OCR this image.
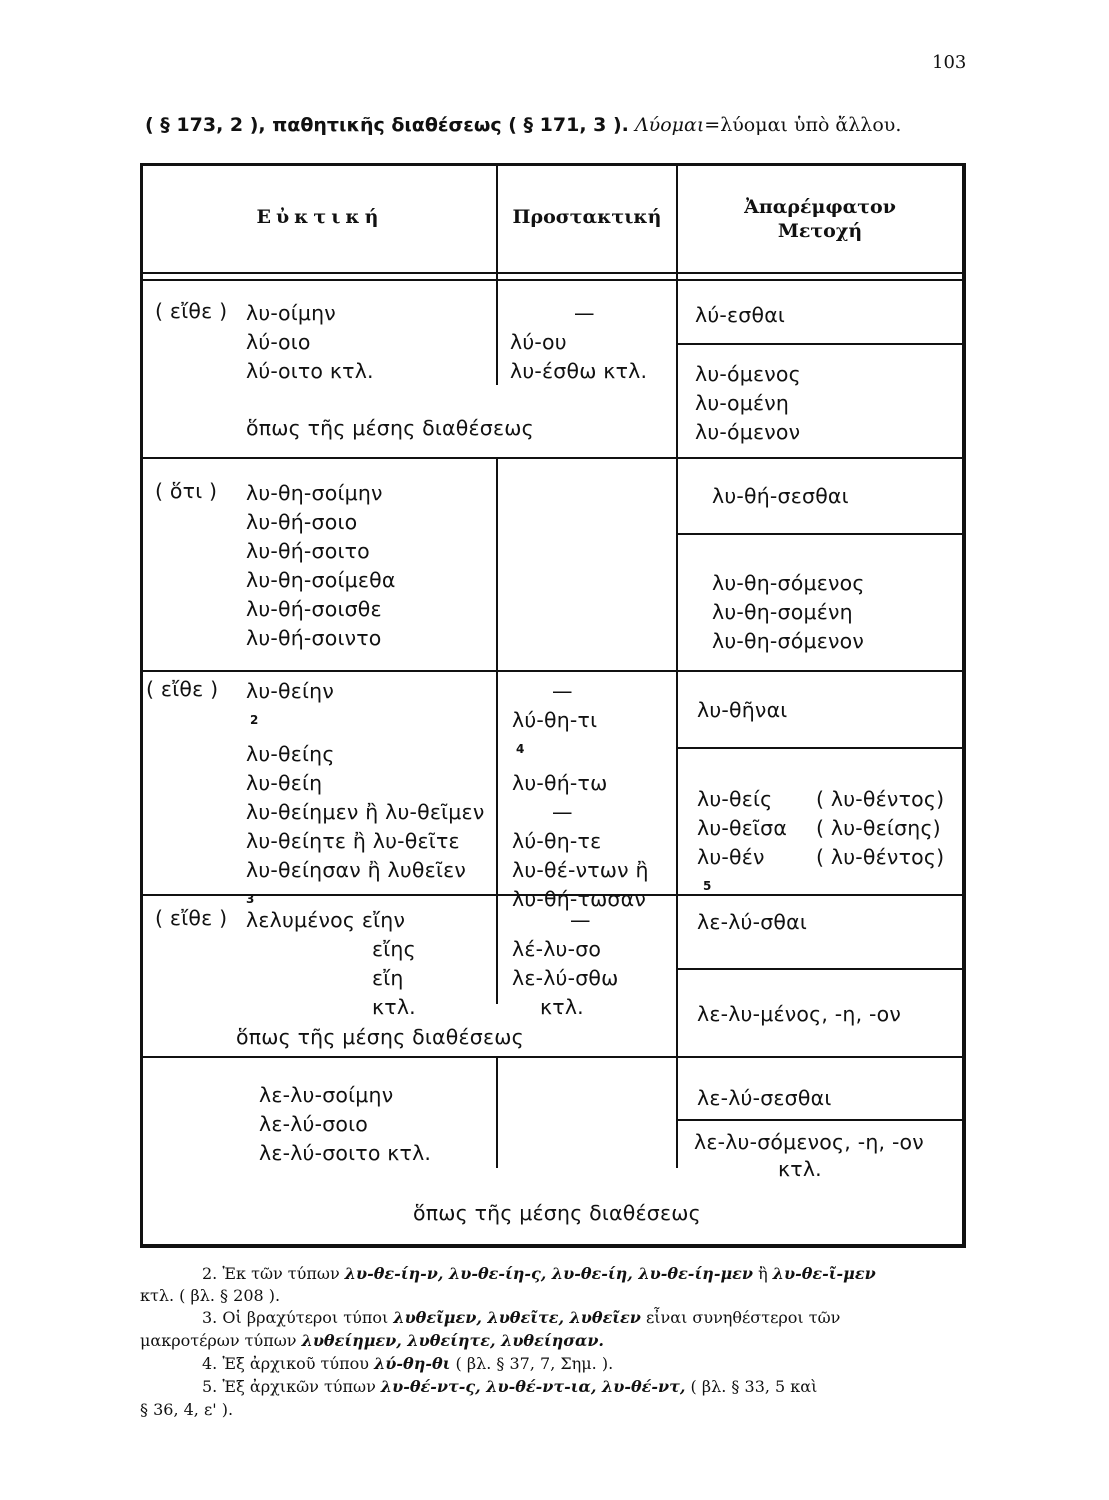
103
( § 173, 2 ), παθητικῆς διαθέσεως ( § 171, 3 ). Λύομαι=λύομαι ὑπὸ ἄλλου.
Εὐκτική	Προστακτική	Ἀπαρέμφατον
Μετοχή
( εἴθε ) λυ-οίμην
λύ-οιο
λύ-οιτο κτλ.
—
λύ-ου
λυ-έσθω κτλ.
λύ-εσθαι
λυ-όμενος
λυ-ομένη
λυ-όμενον
ὅπως τῆς μέσης διαθέσεως
( ὅτι ) λυ-θη-σοίμην
λυ-θή-σοιο
λυ-θή-σοιτο
λυ-θη-σοίμεθα
λυ-θή-σοισθε
λυ-θή-σοιντο
λυ-θή-σεσθαι
λυ-θη-σόμενος
λυ-θη-σομένη
λυ-θη-σόμενον
( εἴθε ) λυ-θείην
$^2$
λυ-θείης
λυ-θείη
λυ-θείημεν ἢ λυ-θεῖμεν
λυ-θείητε ἢ λυ-θεῖτε
λυ-θείησαν ἢ λυθεῖεν
$^3$
—
λύ-θη-τι
$^4$
λυ-θή-τω
—
λύ-θη-τε
λυ-θέ-ντων ἢ
λυ-θή-τωσαν
λυ-θῆναι
λυ-θείς
λυ-θεῖσα
λυ-θέν
$^5$
( λυ-θέντος)
( λυ-θείσης)
( λυ-θέντος)
( εἴθε ) λελυμένος εἴην
εἴης
εἴη
κτλ.
—
λέ-λυ-σο
λε-λύ-σθω
κτλ.
ὅπως τῆς μέσης διαθέσεως
λε-λύ-σθαι
λε-λυ-μένος, -η, -ον
λε-λυ-σοίμην
λε-λύ-σοιο
λε-λύ-σοιτο κτλ.
λε-λύ-σεσθαι
λε-λυ-σόμενος, -η, -ον
κτλ.
ὅπως τῆς μέσης διαθέσεως
2. Ἐκ τῶν τύπων λυ-θε-ίη-ν, λυ-θε-ίη-ς, λυ-θε-ίη, λυ-θε-ίη-μεν ἢ λυ-θε-ῖ-μεν
κτλ. ( βλ. § 208 ).
3. Οἱ βραχύτεροι τύποι λυθεῖμεν, λυθεῖτε, λυθεῖεν εἶναι συνηθέστεροι τῶν
μακροτέρων τύπων λυθείημεν, λυθείητε, λυθείησαν.
4. Ἐξ ἀρχικοῦ τύπου λύ-θη-θι ( βλ. § 37, 7, Σημ. ).
5. Ἐξ ἀρχικῶν τύπων λυ-θέ-ντ-ς, λυ-θέ-ντ-ια, λυ-θέ-ντ, ( βλ. § 33, 5 καὶ
§ 36, 4, ε' ).
